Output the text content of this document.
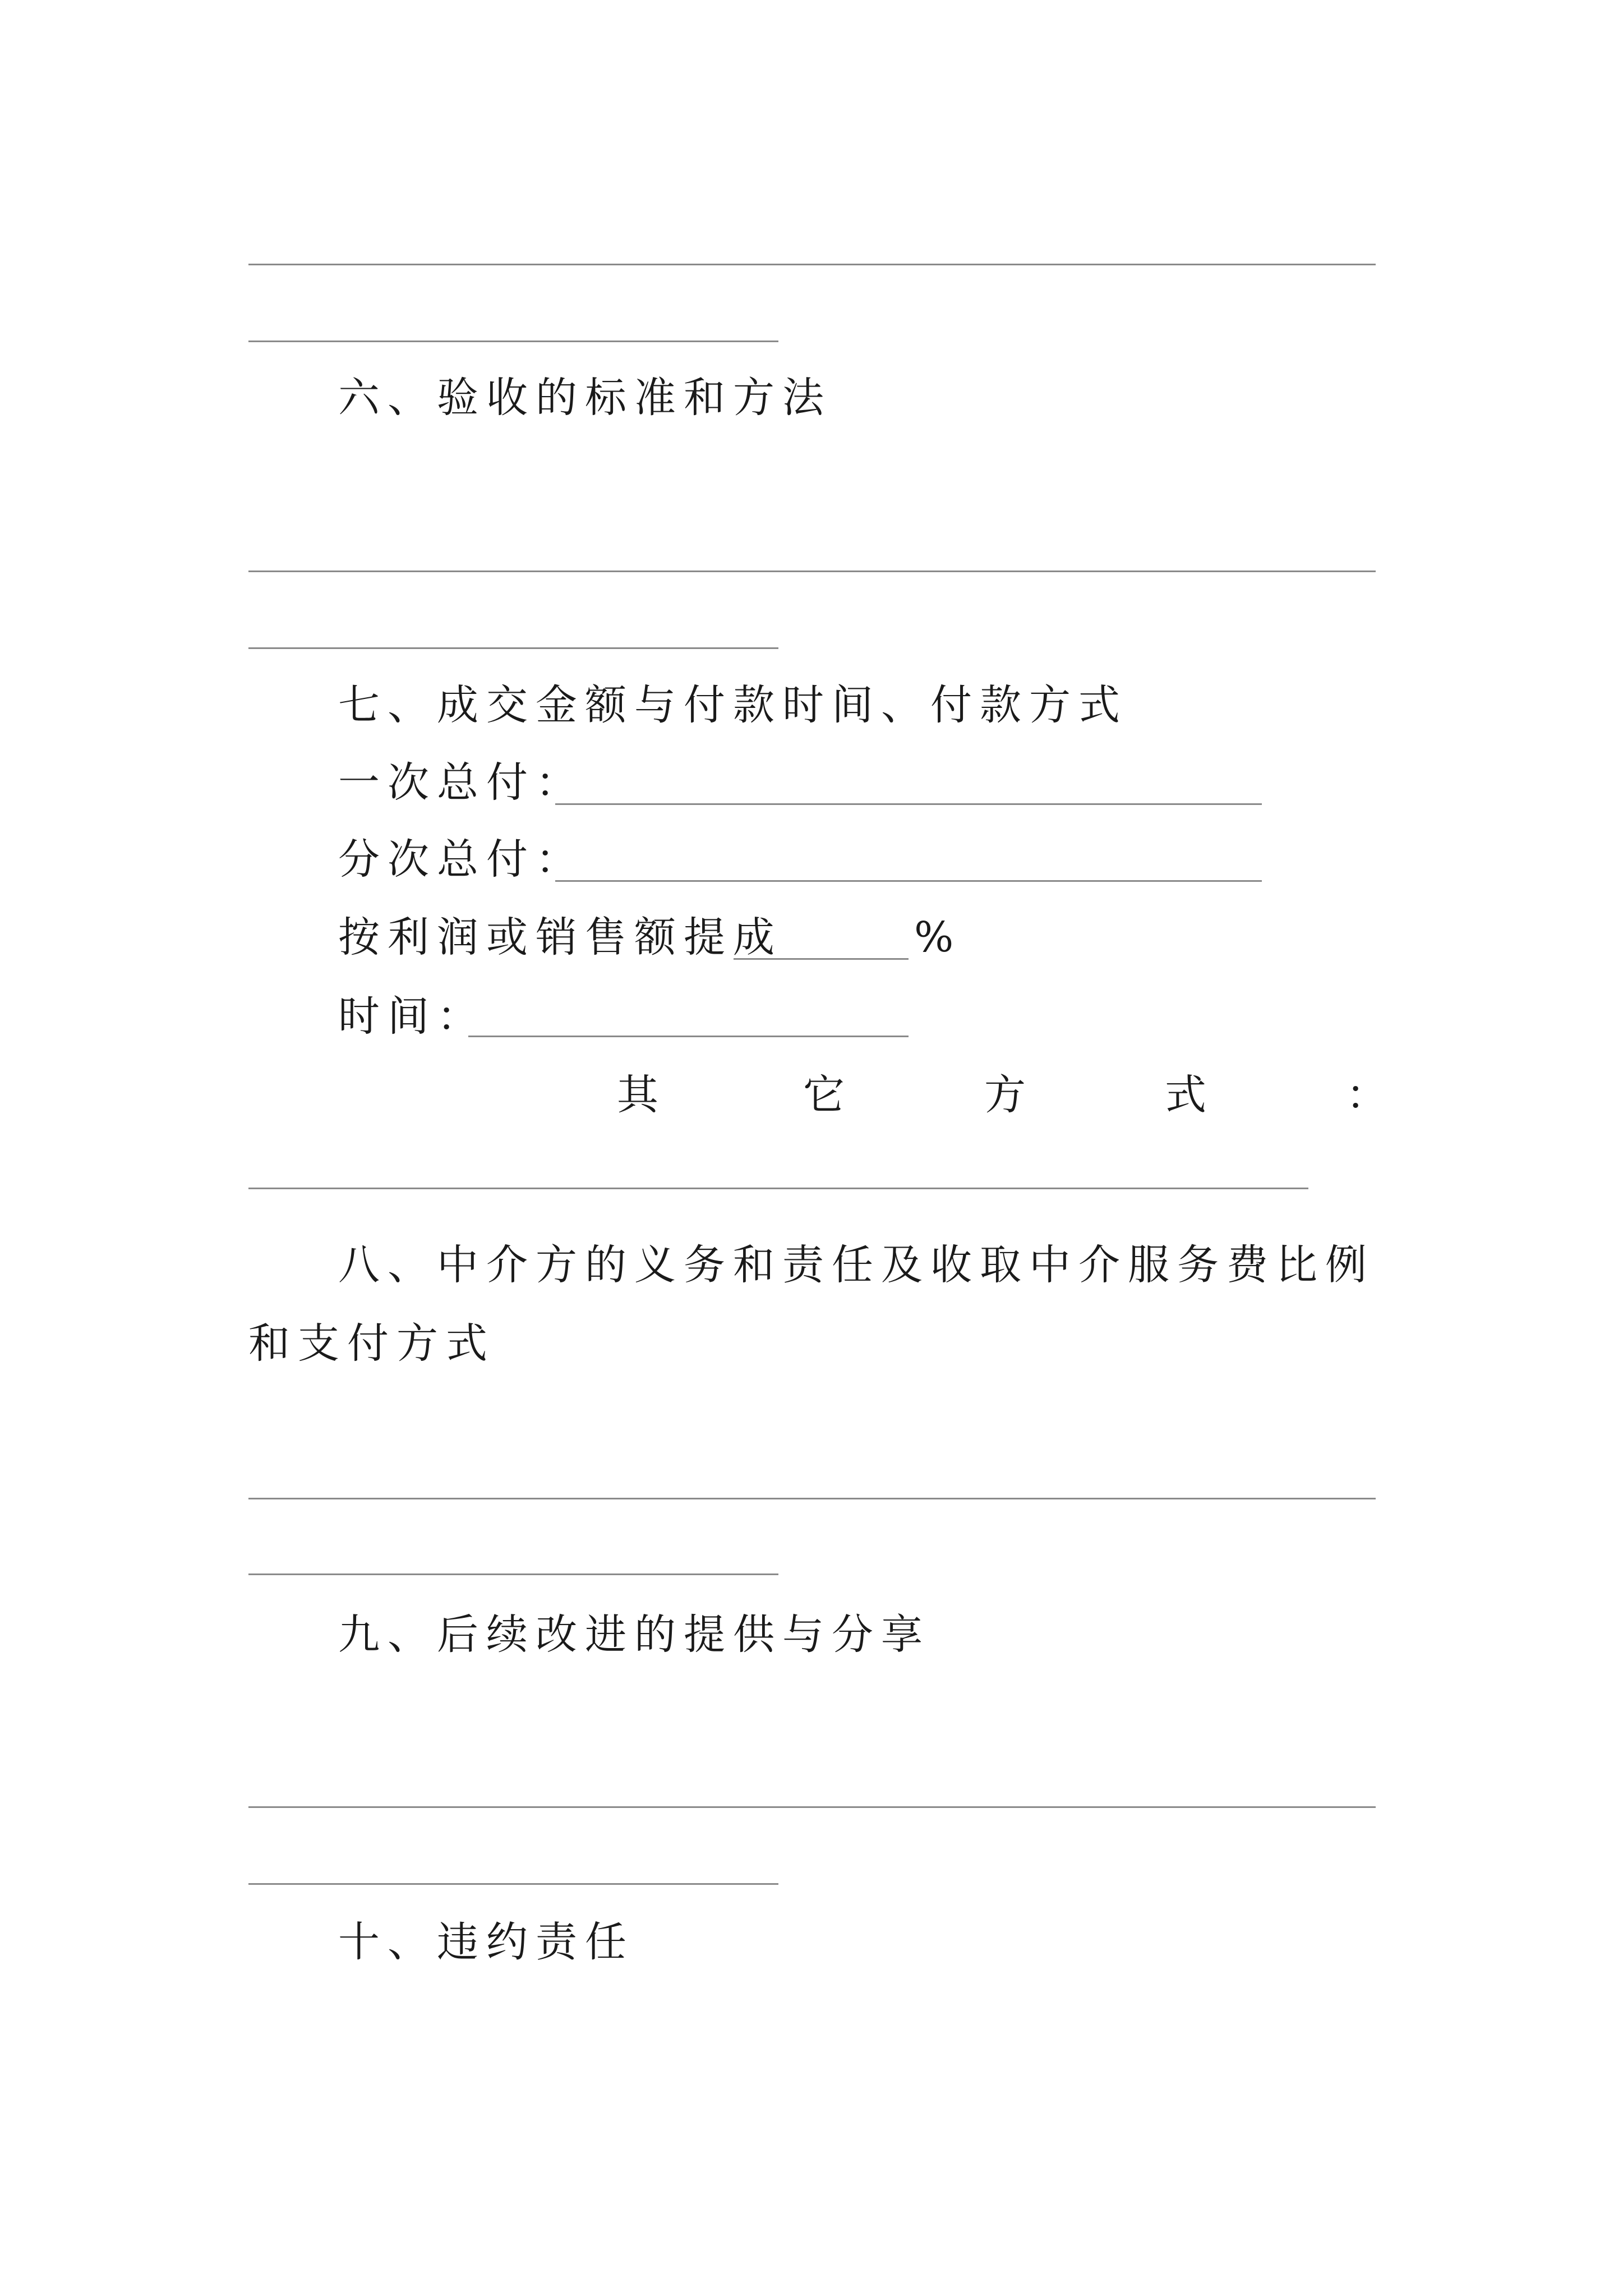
六、验收的标准和方法
七、成交金额与付款时间、付款方式
一次总付：
分次总付：
按利润或销售额提成	%
时间：
其	它	方	式	：
八、中介方的义务和责任及收取中介服务费比例和支付方式
九、后续改进的提供与分享
十、违约责任
